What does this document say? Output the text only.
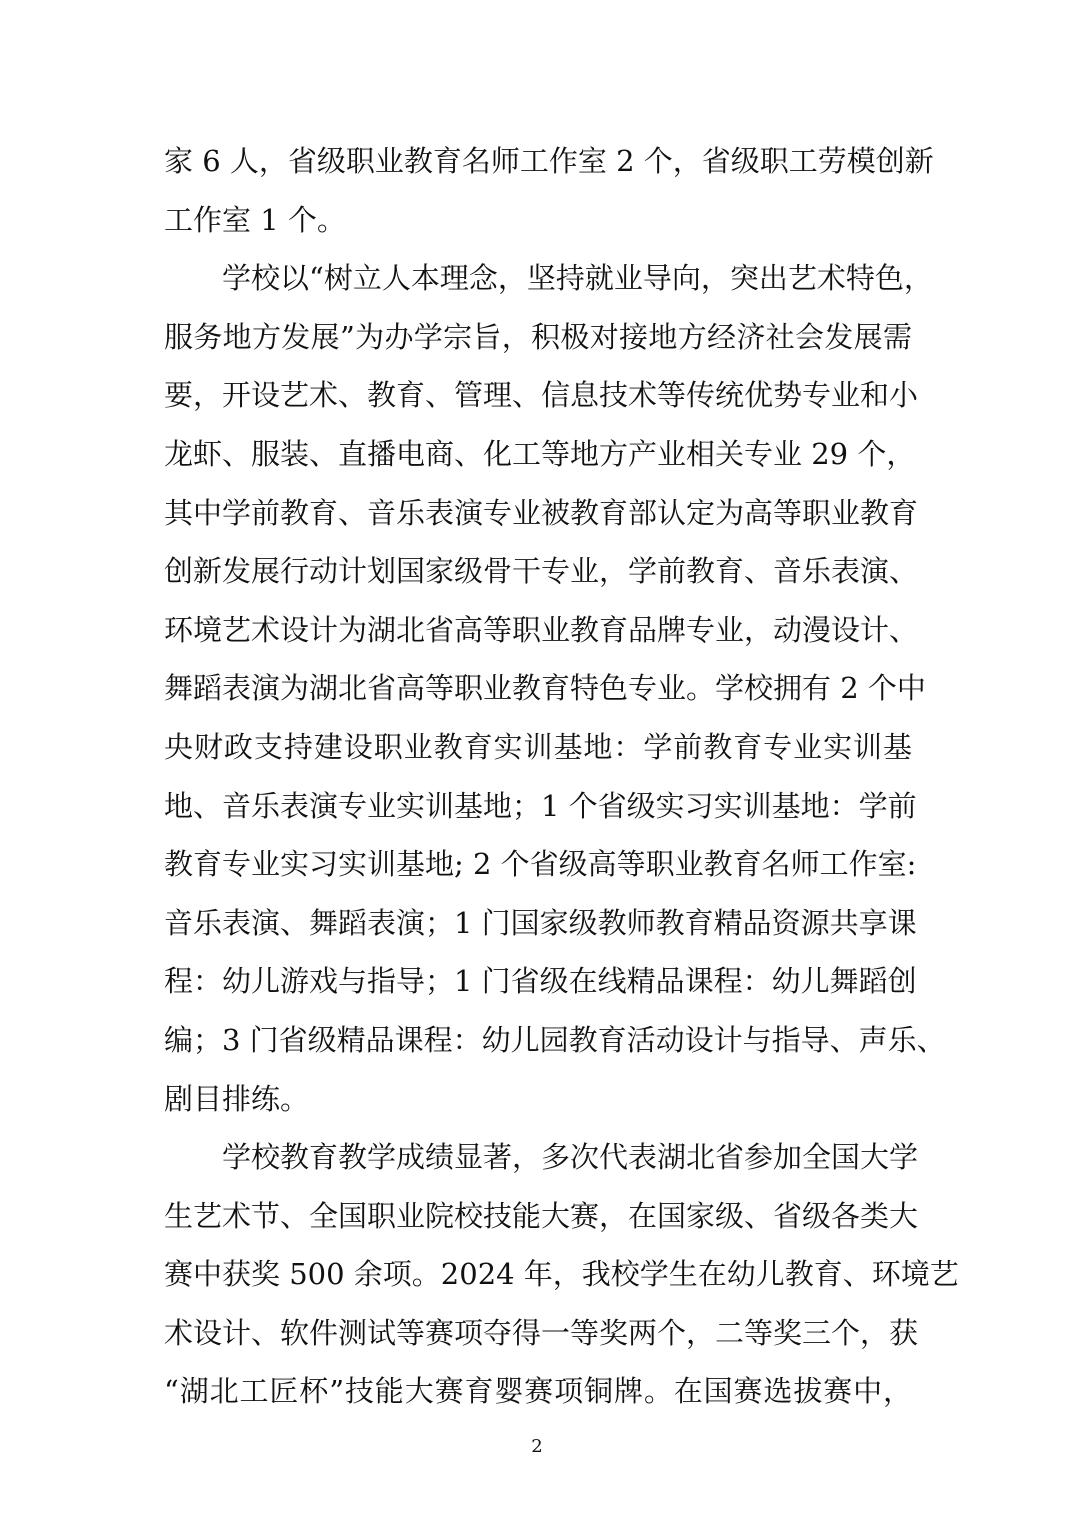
家 6 人，省级职业教育名师工作室 2 个，省级职工劳模创新
工作室 1 个。
学校以“树立人本理念，坚持就业导向，突出艺术特色，
服务地方发展”为办学宗旨，积极对接地方经济社会发展需
要，开设艺术、教育、管理、信息技术等传统优势专业和小
龙虾、服装、直播电商、化工等地方产业相关专业 29 个，
其中学前教育、音乐表演专业被教育部认定为高等职业教育
创新发展行动计划国家级骨干专业，学前教育、音乐表演、
环境艺术设计为湖北省高等职业教育品牌专业，动漫设计、
舞蹈表演为湖北省高等职业教育特色专业。学校拥有 2 个中
央财政支持建设职业教育实训基地：学前教育专业实训基
地、音乐表演专业实训基地；1 个省级实习实训基地：学前
教育专业实习实训基地; 2 个省级高等职业教育名师工作室:
音乐表演、舞蹈表演；1 门国家级教师教育精品资源共享课
程：幼儿游戏与指导；1 门省级在线精品课程：幼儿舞蹈创
编；3 门省级精品课程：幼儿园教育活动设计与指导、声乐、
剧目排练。
学校教育教学成绩显著，多次代表湖北省参加全国大学
生艺术节、全国职业院校技能大赛，在国家级、省级各类大
赛中获奖 500 余项。2024 年，我校学生在幼儿教育、环境艺
术设计、软件测试等赛项夺得一等奖两个，二等奖三个，获
“湖北工匠杯”技能大赛育婴赛项铜牌。在国赛选拔赛中，
2
